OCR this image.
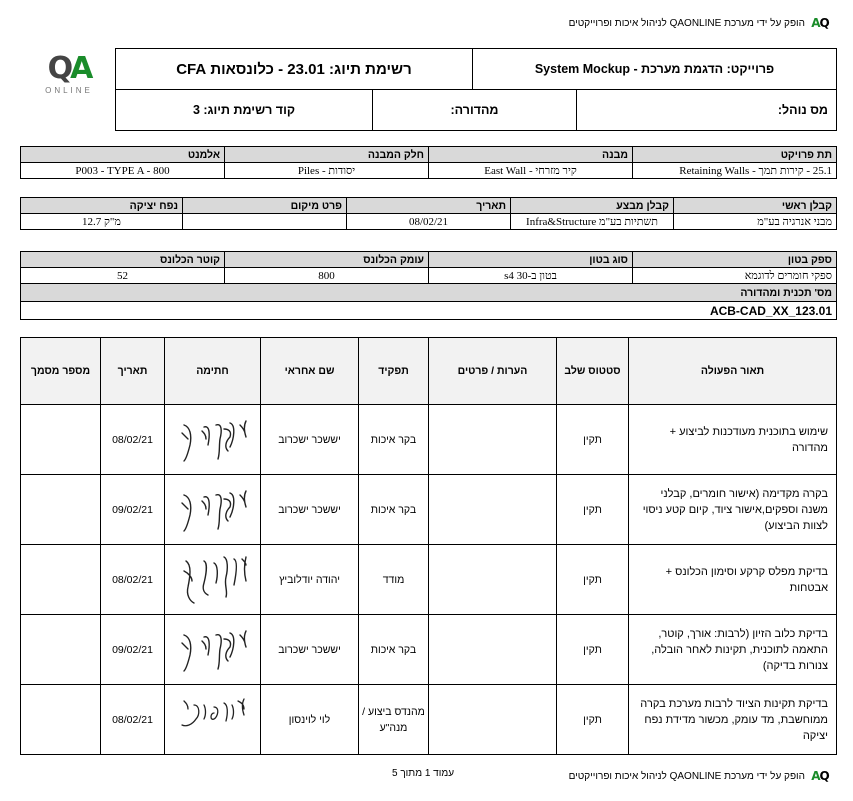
Q
A
הופק על ידי מערכת QAONLINE לניהול איכות ופרוייקטים
QA
ONLINE
רשימת תיוג: 23.01 - כלונסאות CFA		פרוייקט: הדגמת מערכת - System Mockup	
קוד רשימת תיוג: 3	מהדורה:		מס נוהל:
אלמנט	חלק המבנה	מבנה	תת פרויקט
P003 - TYPE A - 800	יסודות - Piles	קיר מזרחי - East Wall	25.1 - קירות תמך - Retaining Walls
נפח יציקה	פרט מיקום	תאריך	קבלן מבצע	קבלן ראשי
מ"ק 12.7		08/02/21	תשתיות בע"מ Infra&Structure	מבני אנרגיה בע"מ
קוטר הכלונס	עומק הכלונס	סוג בטון	ספק בטון
52	800	בטון ב-30 s4	ספקי חומרים לדוגמא
מס' תכנית ומהדורה			
ACB-CAD_XX_123.01			
מספר מסמך	תאריך	חתימה	שם אחראי	תפקיד	הערות / פרטים	סטטוס שלב	תאור הפעולה
	08/02/21		יששכר ישכרוב	בקר איכות		תקין	שימוש בתוכנית מעודכנות לביצוע + מהדורה
	09/02/21		יששכר ישכרוב	בקר איכות		תקין	בקרה מקדימה (אישור חומרים, קבלני משנה וספקים,אישור ציוד, קיום קטע ניסוי לצוות הביצוע)
	08/02/21		יהודה יודלוביץ	מודד		תקין	בדיקת מפלס קרקע וסימון הכלונס + אבטחות
	09/02/21		יששכר ישכרוב	בקר איכות		תקין	בדיקת כלוב הזיון (לרבות: אורך, קוטר, התאמה לתוכנית, תקינות לאחר הובלה, צנורות בדיקה)
	08/02/21		לוי לוינסון	מהנדס ביצוע / מנה"ע		תקין	בדיקת תקינות הציוד לרבות מערכת בקרה ממוחשבת, מד עומק, מכשור מדידת נפח יציקה
עמוד 1 מתוך 5	Q
A
הופק על ידי מערכת QAONLINE לניהול איכות ופרוייקטים
